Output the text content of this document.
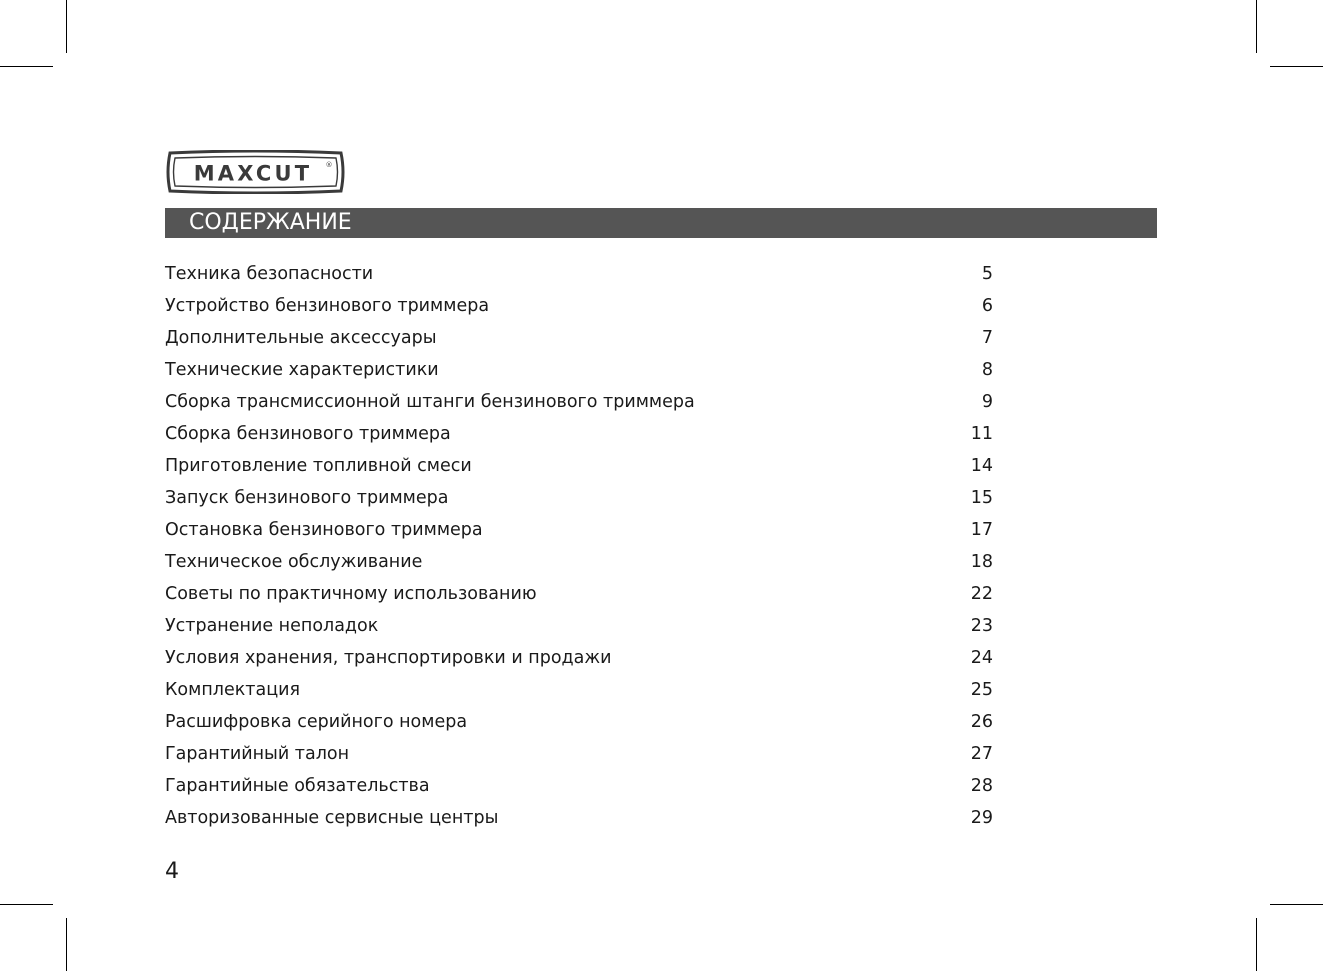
MAXCUT ®
СОДЕРЖАНИЕ
Техника безопасности	5
Устройство бензинового триммера	6
Дополнительные аксессуары	7
Технические характеристики	8
Сборка трансмиссионной штанги бензинового триммера	9
Сборка бензинового триммера	11
Приготовление топливной смеси	14
Запуск бензинового триммера	15
Остановка бензинового триммера	17
Техническое обслуживание	18
Советы по практичному использованию	22
Устранение неполадок	23
Условия хранения, транспортировки и продажи	24
Комплектация	25
Расшифровка серийного номера	26
Гарантийный талон	27
Гарантийные обязательства	28
Авторизованные сервисные центры	29
4
